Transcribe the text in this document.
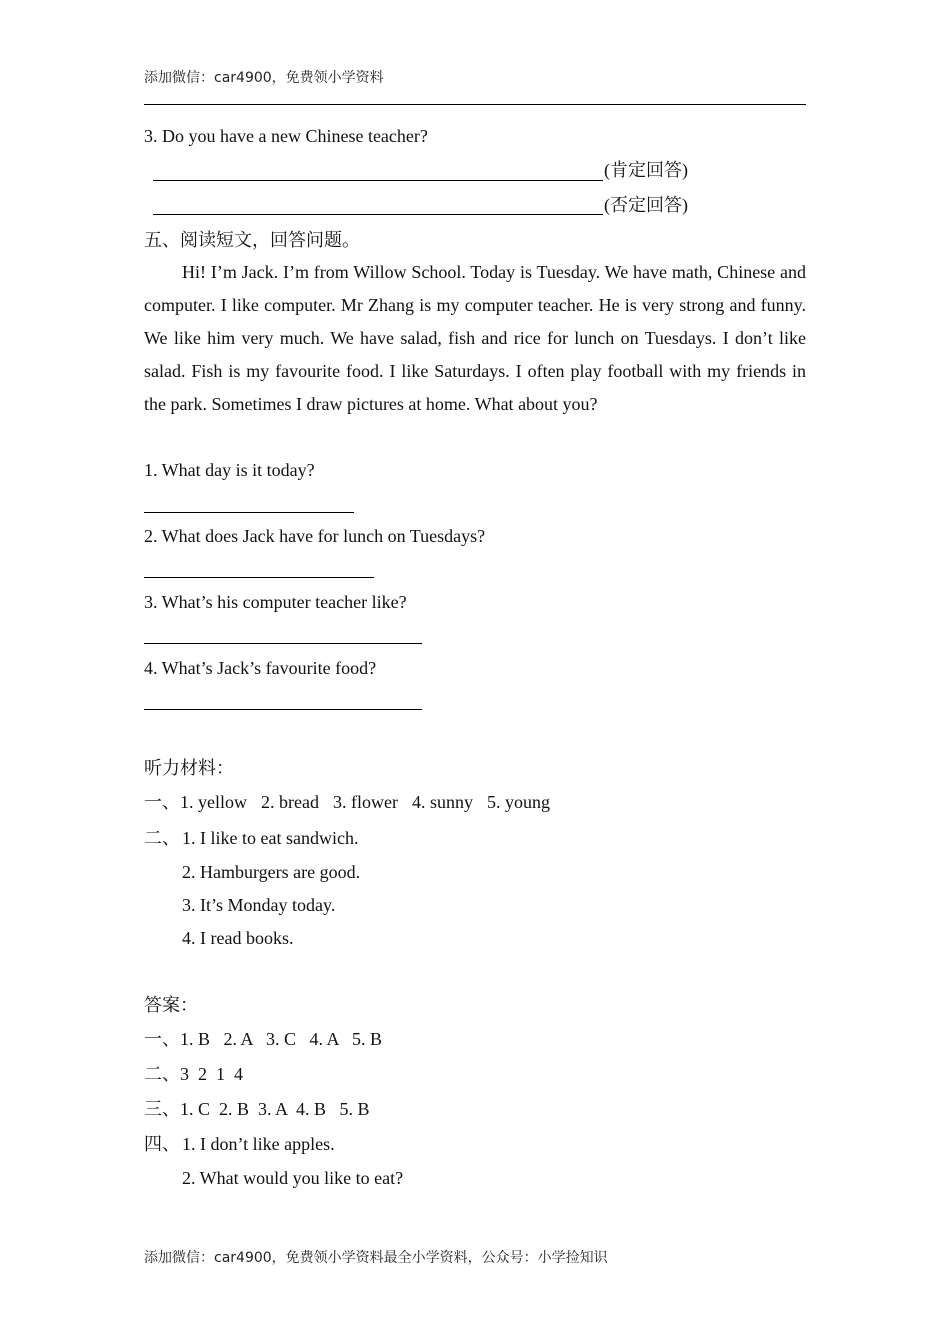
添加微信：car4900，免费领小学资料
3. Do you have a new Chinese teacher?
(肯定回答)
(否定回答)
五、阅读短文，回答问题。
Hi! I’m Jack. I’m from Willow School. Today is Tuesday. We have math, Chinese and computer. I like computer. Mr Zhang is my computer teacher. He is very strong and funny. We like him very much. We have salad, fish and rice for lunch on Tuesdays. I don’t like salad. Fish is my favourite food. I like Saturdays. I often play football with my friends in the park. Sometimes I draw pictures at home. What about you?
1. What day is it today?
2. What does Jack have for lunch on Tuesdays?
3. What’s his computer teacher like?
4. What’s Jack’s favourite food?
听力材料：
一、 1. yellow 2. bread 3. flower 4. sunny 5. young
二、 1. I like to eat sandwich.
2. Hamburgers are good.
3. It’s Monday today.
4. I read books.
答案：
一、1. B   2. A   3. C   4. A   5. B
二、3  2  1  4
三、1. C  2. B  3. A  4. B   5. B
四、 1. I don’t like apples.
2. What would you like to eat?
添加微信：car4900，免费领小学资料最全小学资料，公众号：小学捡知识
